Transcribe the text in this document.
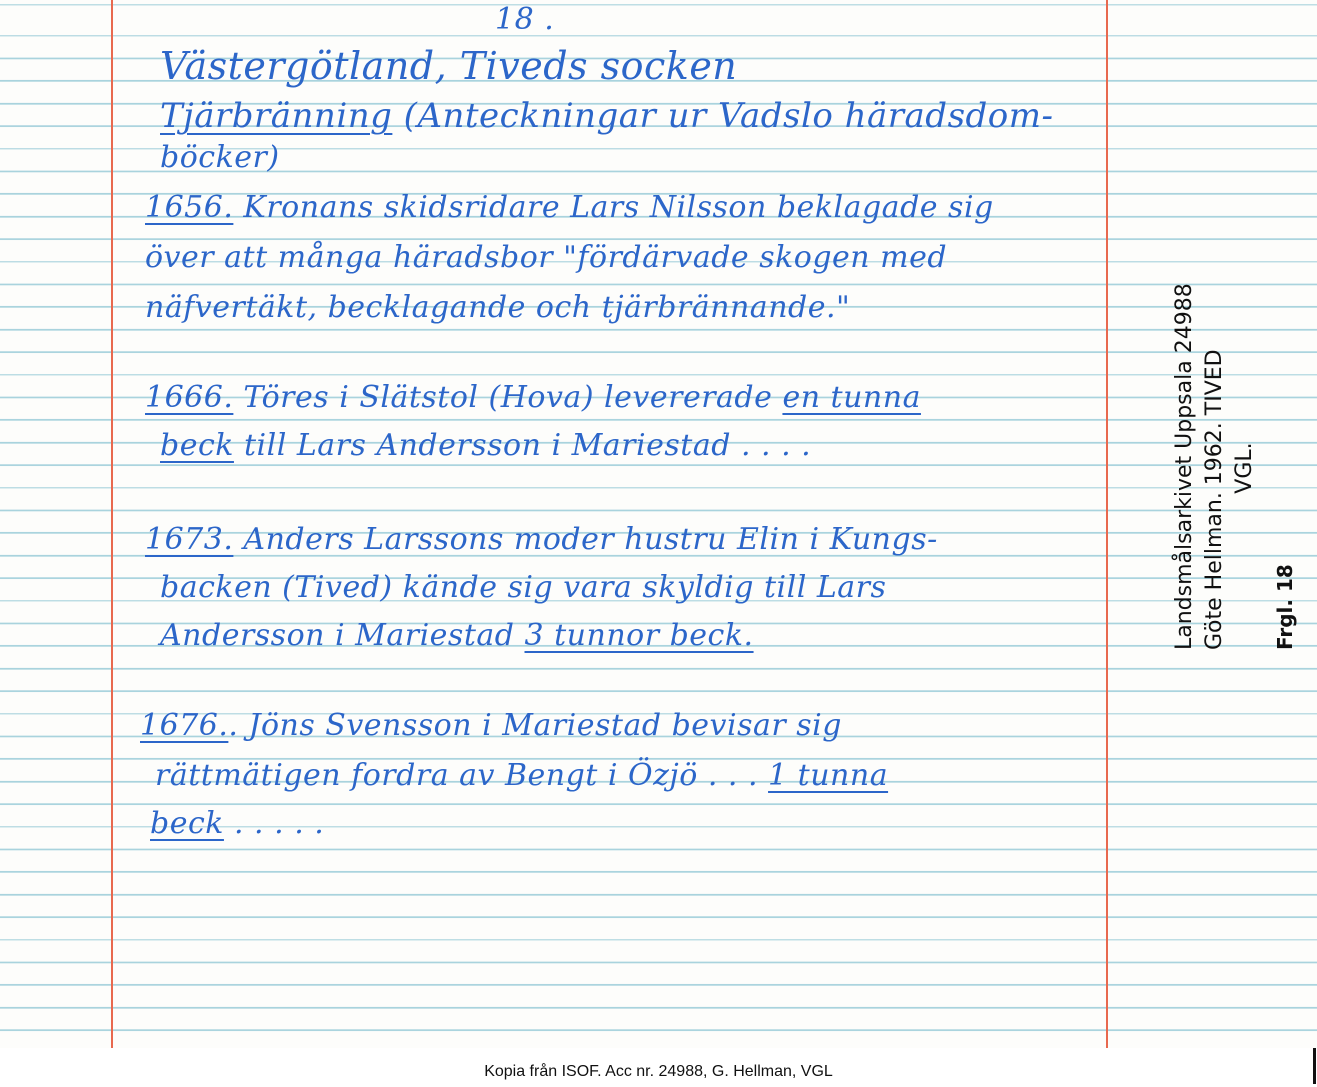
18 .
Västergötland, Tiveds socken
Tjärbränning (Anteckningar ur Vadslo häradsdom-
böcker)
1656. Kronans skidsridare Lars Nilsson beklagade sig
över att många häradsbor "fördärvade skogen med
näfvertäkt, becklagande och tjärbrännande."
1666. Töres i Slätstol (Hova) levererade en tunna
beck till Lars Andersson i Mariestad . . . .
1673. Anders Larssons moder hustru Elin i Kungs-
backen (Tived) kände sig vara skyldig till Lars
Andersson i Mariestad 3 tunnor beck.
1676.. Jöns Svensson i Mariestad bevisar sig
rättmätigen fordra av Bengt i Özjö . . . 1 tunna
beck . . . . .
Landsmålsarkivet Uppsala 24988 Göte Hellman. 1962. TIVED VGL.
Frgl. 18
Kopia från ISOF. Acc nr. 24988, G. Hellman, VGL
